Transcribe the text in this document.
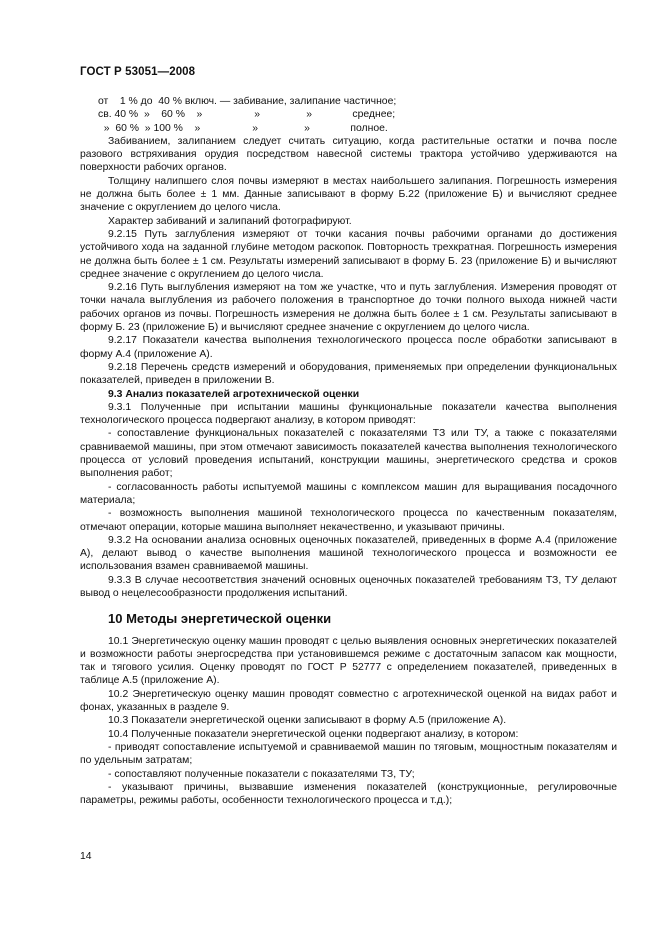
ГОСТ Р 53051—2008
от    1 % до  40 % включ. — забивание, залипание частичное;
св. 40 %  »    60 %    »                  »                »              среднее;
»  60 %  » 100 %    »                  »                »              полное.

Забиванием, залипанием следует считать ситуацию, когда растительные остатки и почва после разового встряхивания орудия посредством навесной системы трактора устойчиво удерживаются на поверхности рабочих органов.

Толщину налипшего слоя почвы измеряют в местах наибольшего залипания. Погрешность измерения не должна быть более ± 1 мм. Данные записывают в форму Б.22 (приложение Б) и вычисляют среднее значение с округлением до целого числа.

Характер забиваний и залипаний фотографируют.

9.2.15 Путь заглубления измеряют от точки касания почвы рабочими органами до достижения устойчивого хода на заданной глубине методом раскопок. Повторность трехкратная. Погрешность измерения не должна быть более ± 1 см. Результаты измерений записывают в форму Б. 23 (приложение Б) и вычисляют среднее значение с округлением до целого числа.

9.2.16 Путь выглубления измеряют на том же участке, что и путь заглубления. Измерения проводят от точки начала выглубления из рабочего положения в транспортное до точки полного выхода нижней части рабочих органов из почвы. Погрешность измерения не должна быть более ± 1 см. Результаты записывают в форму Б. 23 (приложение Б) и вычисляют среднее значение с округлением до целого числа.

9.2.17 Показатели качества выполнения технологического процесса после обработки записывают в форму А.4 (приложение А).

9.2.18 Перечень средств измерений и оборудования, применяемых при определении функциональных показателей, приведен в приложении В.

9.3 Анализ показателей агротехнической оценки

9.3.1 Полученные при испытании машины функциональные показатели качества выполнения технологического процесса подвергают анализу, в котором приводят:

- сопоставление функциональных показателей с показателями ТЗ или ТУ, а также с показателями сравниваемой машины, при этом отмечают зависимость показателей качества выполнения технологического процесса от условий проведения испытаний, конструкции машины, энергетического средства и сроков выполнения работ;

- согласованность работы испытуемой машины с комплексом машин для выращивания посадочного материала;

- возможность выполнения машиной технологического процесса по качественным показателям, отмечают операции, которые машина выполняет некачественно, и указывают причины.

9.3.2 На основании анализа основных оценочных показателей, приведенных в форме А.4 (приложение А), делают вывод о качестве выполнения машиной технологического процесса и возможности ее использования взамен сравниваемой машины.

9.3.3 В случае несоответствия значений основных оценочных показателей требованиям ТЗ, ТУ делают вывод о нецелесообразности продолжения испытаний.

10 Методы энергетической оценки

10.1 Энергетическую оценку машин проводят с целью выявления основных энергетических показателей и возможности работы энергосредства при установившемся режиме с достаточным запасом как мощности, так и тягового усилия. Оценку проводят по ГОСТ Р 52777 с определением показателей, приведенных в таблице А.5 (приложение А).

10.2 Энергетическую оценку машин проводят совместно с агротехнической оценкой на видах работ и фонах, указанных в разделе 9.

10.3 Показатели энергетической оценки записывают в форму А.5 (приложение А).

10.4 Полученные показатели энергетической оценки подвергают анализу, в котором:

- приводят сопоставление испытуемой и сравниваемой машин по тяговым, мощностным показателям и по удельным затратам;

- сопоставляют полученные показатели с показателями ТЗ, ТУ;

- указывают причины, вызвавшие изменения показателей (конструкционные, регулировочные параметры, режимы работы, особенности технологического процесса и т.д.);

14
